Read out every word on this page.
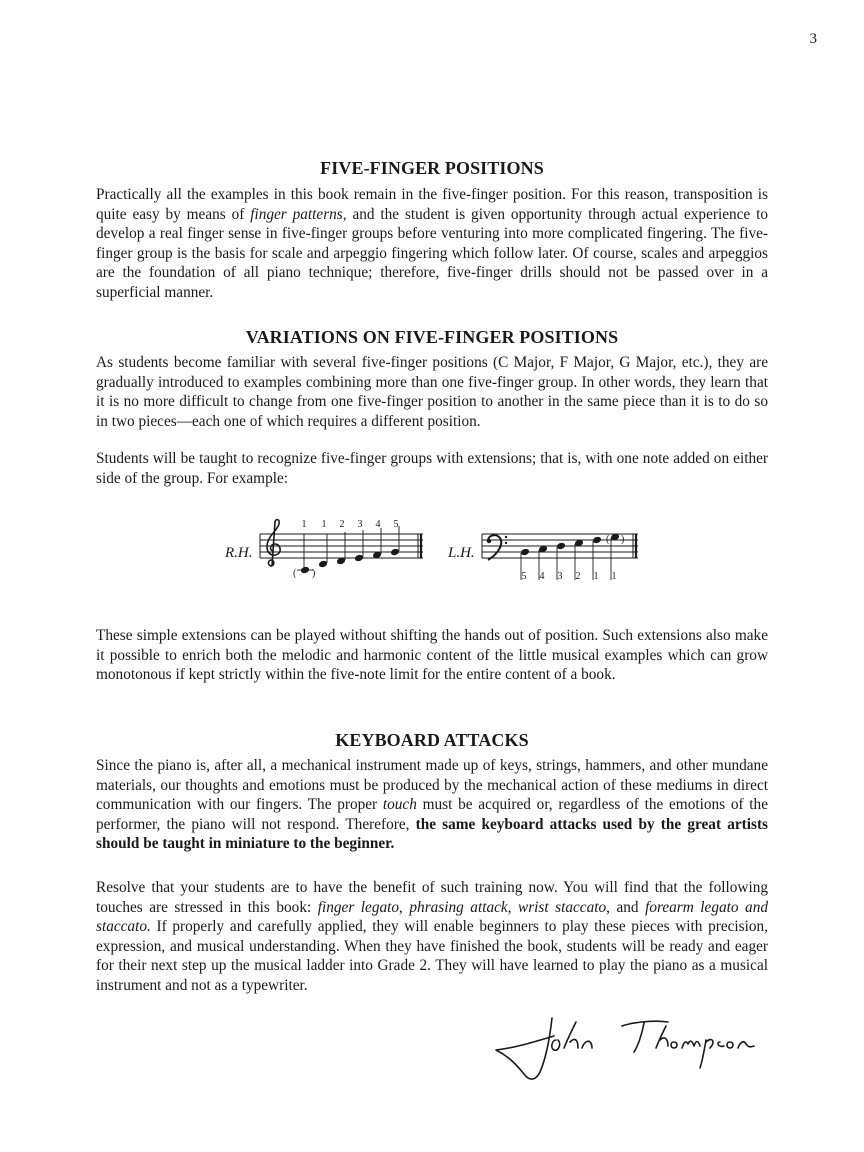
3
FIVE-FINGER POSITIONS

Practically all the examples in this book remain in the five-finger position. For this reason, transposition is quite easy by means of finger patterns, and the student is given opportunity through actual experience to develop a real finger sense in five-finger groups before venturing into more complicated fingering. The five-finger group is the basis for scale and arpeggio fingering which follow later. Of course, scales and arpeggios are the foundation of all piano technique; therefore, five-finger drills should not be passed over in a superficial manner.

VARIATIONS ON FIVE-FINGER POSITIONS

As students become familiar with several five-finger positions (C Major, F Major, G Major, etc.), they are gradually introduced to examples combining more than one five-finger group. In other words, they learn that it is no more difficult to change from one five-finger position to another in the same piece than it is to do so in two pieces—each one of which requires a different position.

Students will be taught to recognize five-finger groups with extensions; that is, with one note added on either side of the group. For example:

R.H.
( )
1 1 2 3 4 5
L.H.
( )
5 4 3 2 1 1

These simple extensions can be played without shifting the hands out of position. Such extensions also make it possible to enrich both the melodic and harmonic content of the little musical examples which can grow monotonous if kept strictly within the five-note limit for the entire content of a book.

KEYBOARD ATTACKS

Since the piano is, after all, a mechanical instrument made up of keys, strings, hammers, and other mundane materials, our thoughts and emotions must be produced by the mechanical action of these mediums in direct communication with our fingers. The proper touch must be acquired or, regardless of the emotions of the performer, the piano will not respond. Therefore, the same keyboard attacks used by the great artists should be taught in miniature to the beginner.

Resolve that your students are to have the benefit of such training now. You will find that the following touches are stressed in this book: finger legato, phrasing attack, wrist staccato, and forearm legato and staccato. If properly and carefully applied, they will enable beginners to play these pieces with precision, expression, and musical understanding. When they have finished the book, students will be ready and eager for their next step up the musical ladder into Grade 2. They will have learned to play the piano as a musical instrument and not as a typewriter.
